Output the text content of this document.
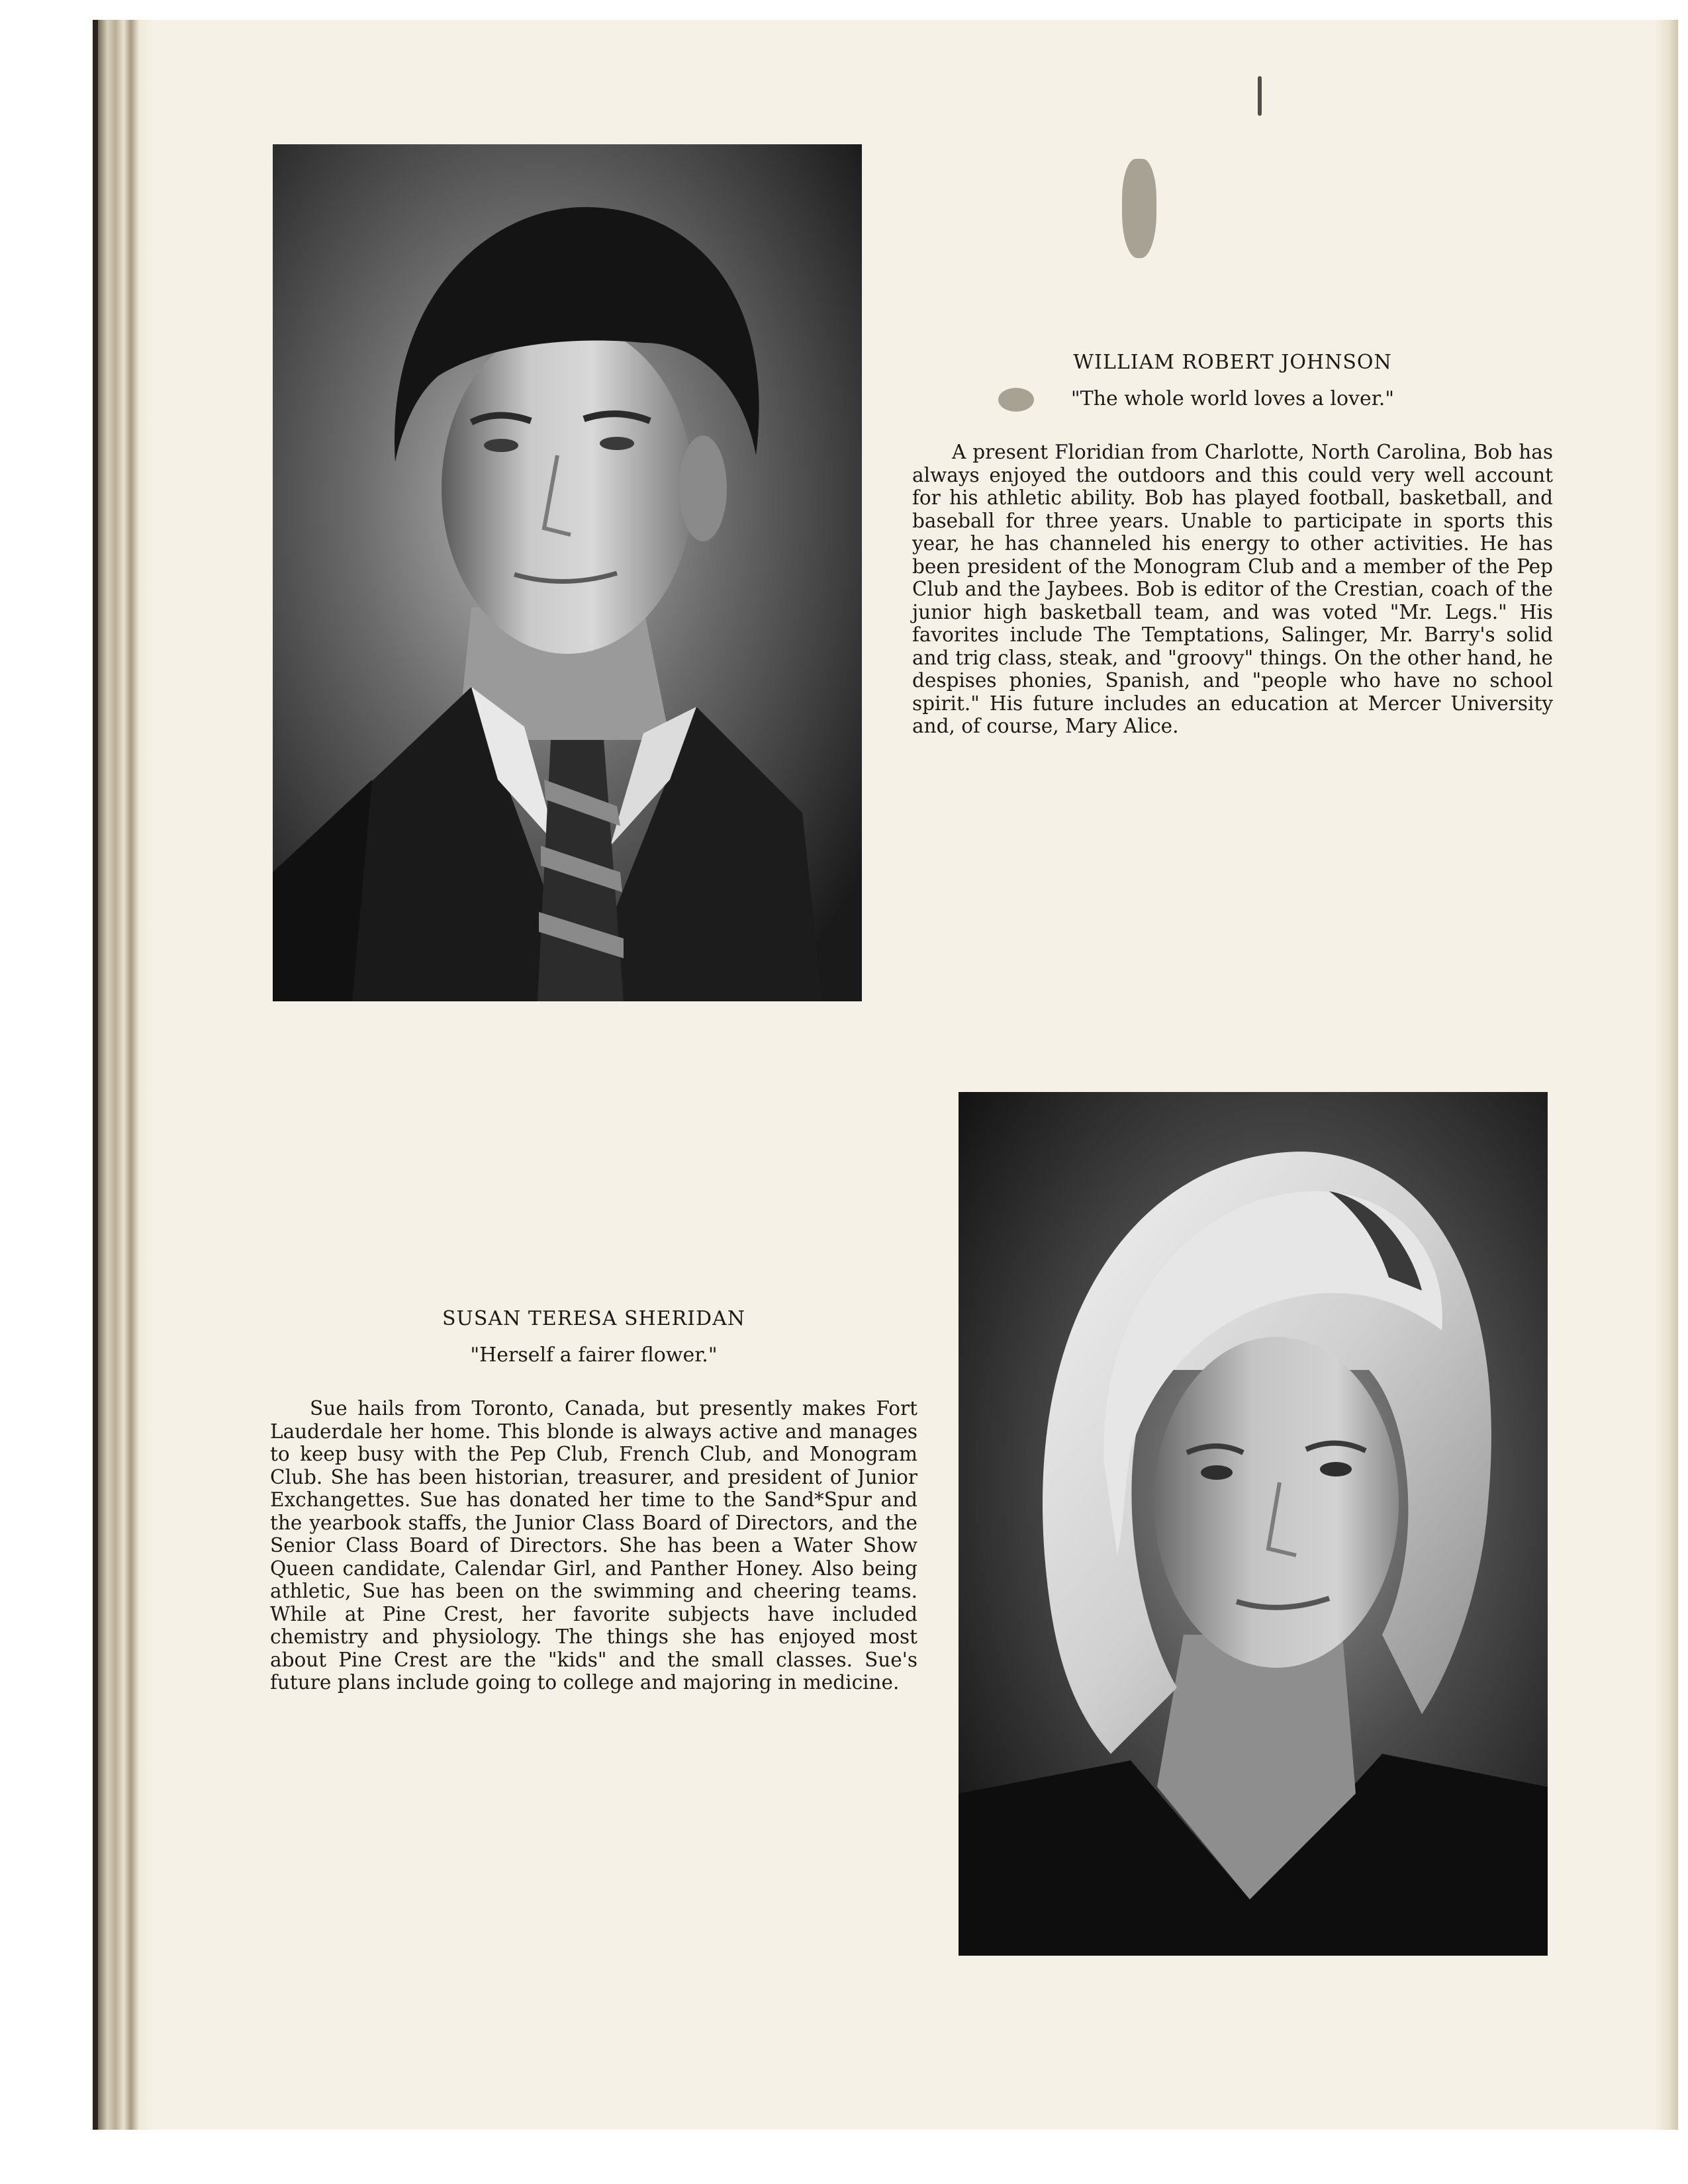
WILLIAM ROBERT JOHNSON

"The whole world loves a lover."

A present Floridian from Charlotte, North Carolina, Bob has always enjoyed the outdoors and this could very well account for his athletic ability. Bob has played football, basketball, and baseball for three years. Unable to participate in sports this year, he has channeled his energy to other activities. He has been president of the Monogram Club and a member of the Pep Club and the Jaybees. Bob is editor of the Crestian, coach of the junior high basketball team, and was voted "Mr. Legs." His favorites include The Temptations, Salinger, Mr. Barry's solid and trig class, steak, and "groovy" things. On the other hand, he despises phonies, Spanish, and "people who have no school spirit." His future includes an education at Mercer University and, of course, Mary Alice.

SUSAN TERESA SHERIDAN

"Herself a fairer flower."

Sue hails from Toronto, Canada, but presently makes Fort Lauderdale her home. This blonde is always active and manages to keep busy with the Pep Club, French Club, and Monogram Club. She has been historian, treasurer, and president of Junior Exchangettes. Sue has donated her time to the Sand*Spur and the yearbook staffs, the Junior Class Board of Directors, and the Senior Class Board of Directors. She has been a Water Show Queen candidate, Calendar Girl, and Panther Honey. Also being athletic, Sue has been on the swimming and cheering teams. While at Pine Crest, her favorite subjects have included chemistry and physiology. The things she has enjoyed most about Pine Crest are the "kids" and the small classes. Sue's future plans include going to college and majoring in medicine.
